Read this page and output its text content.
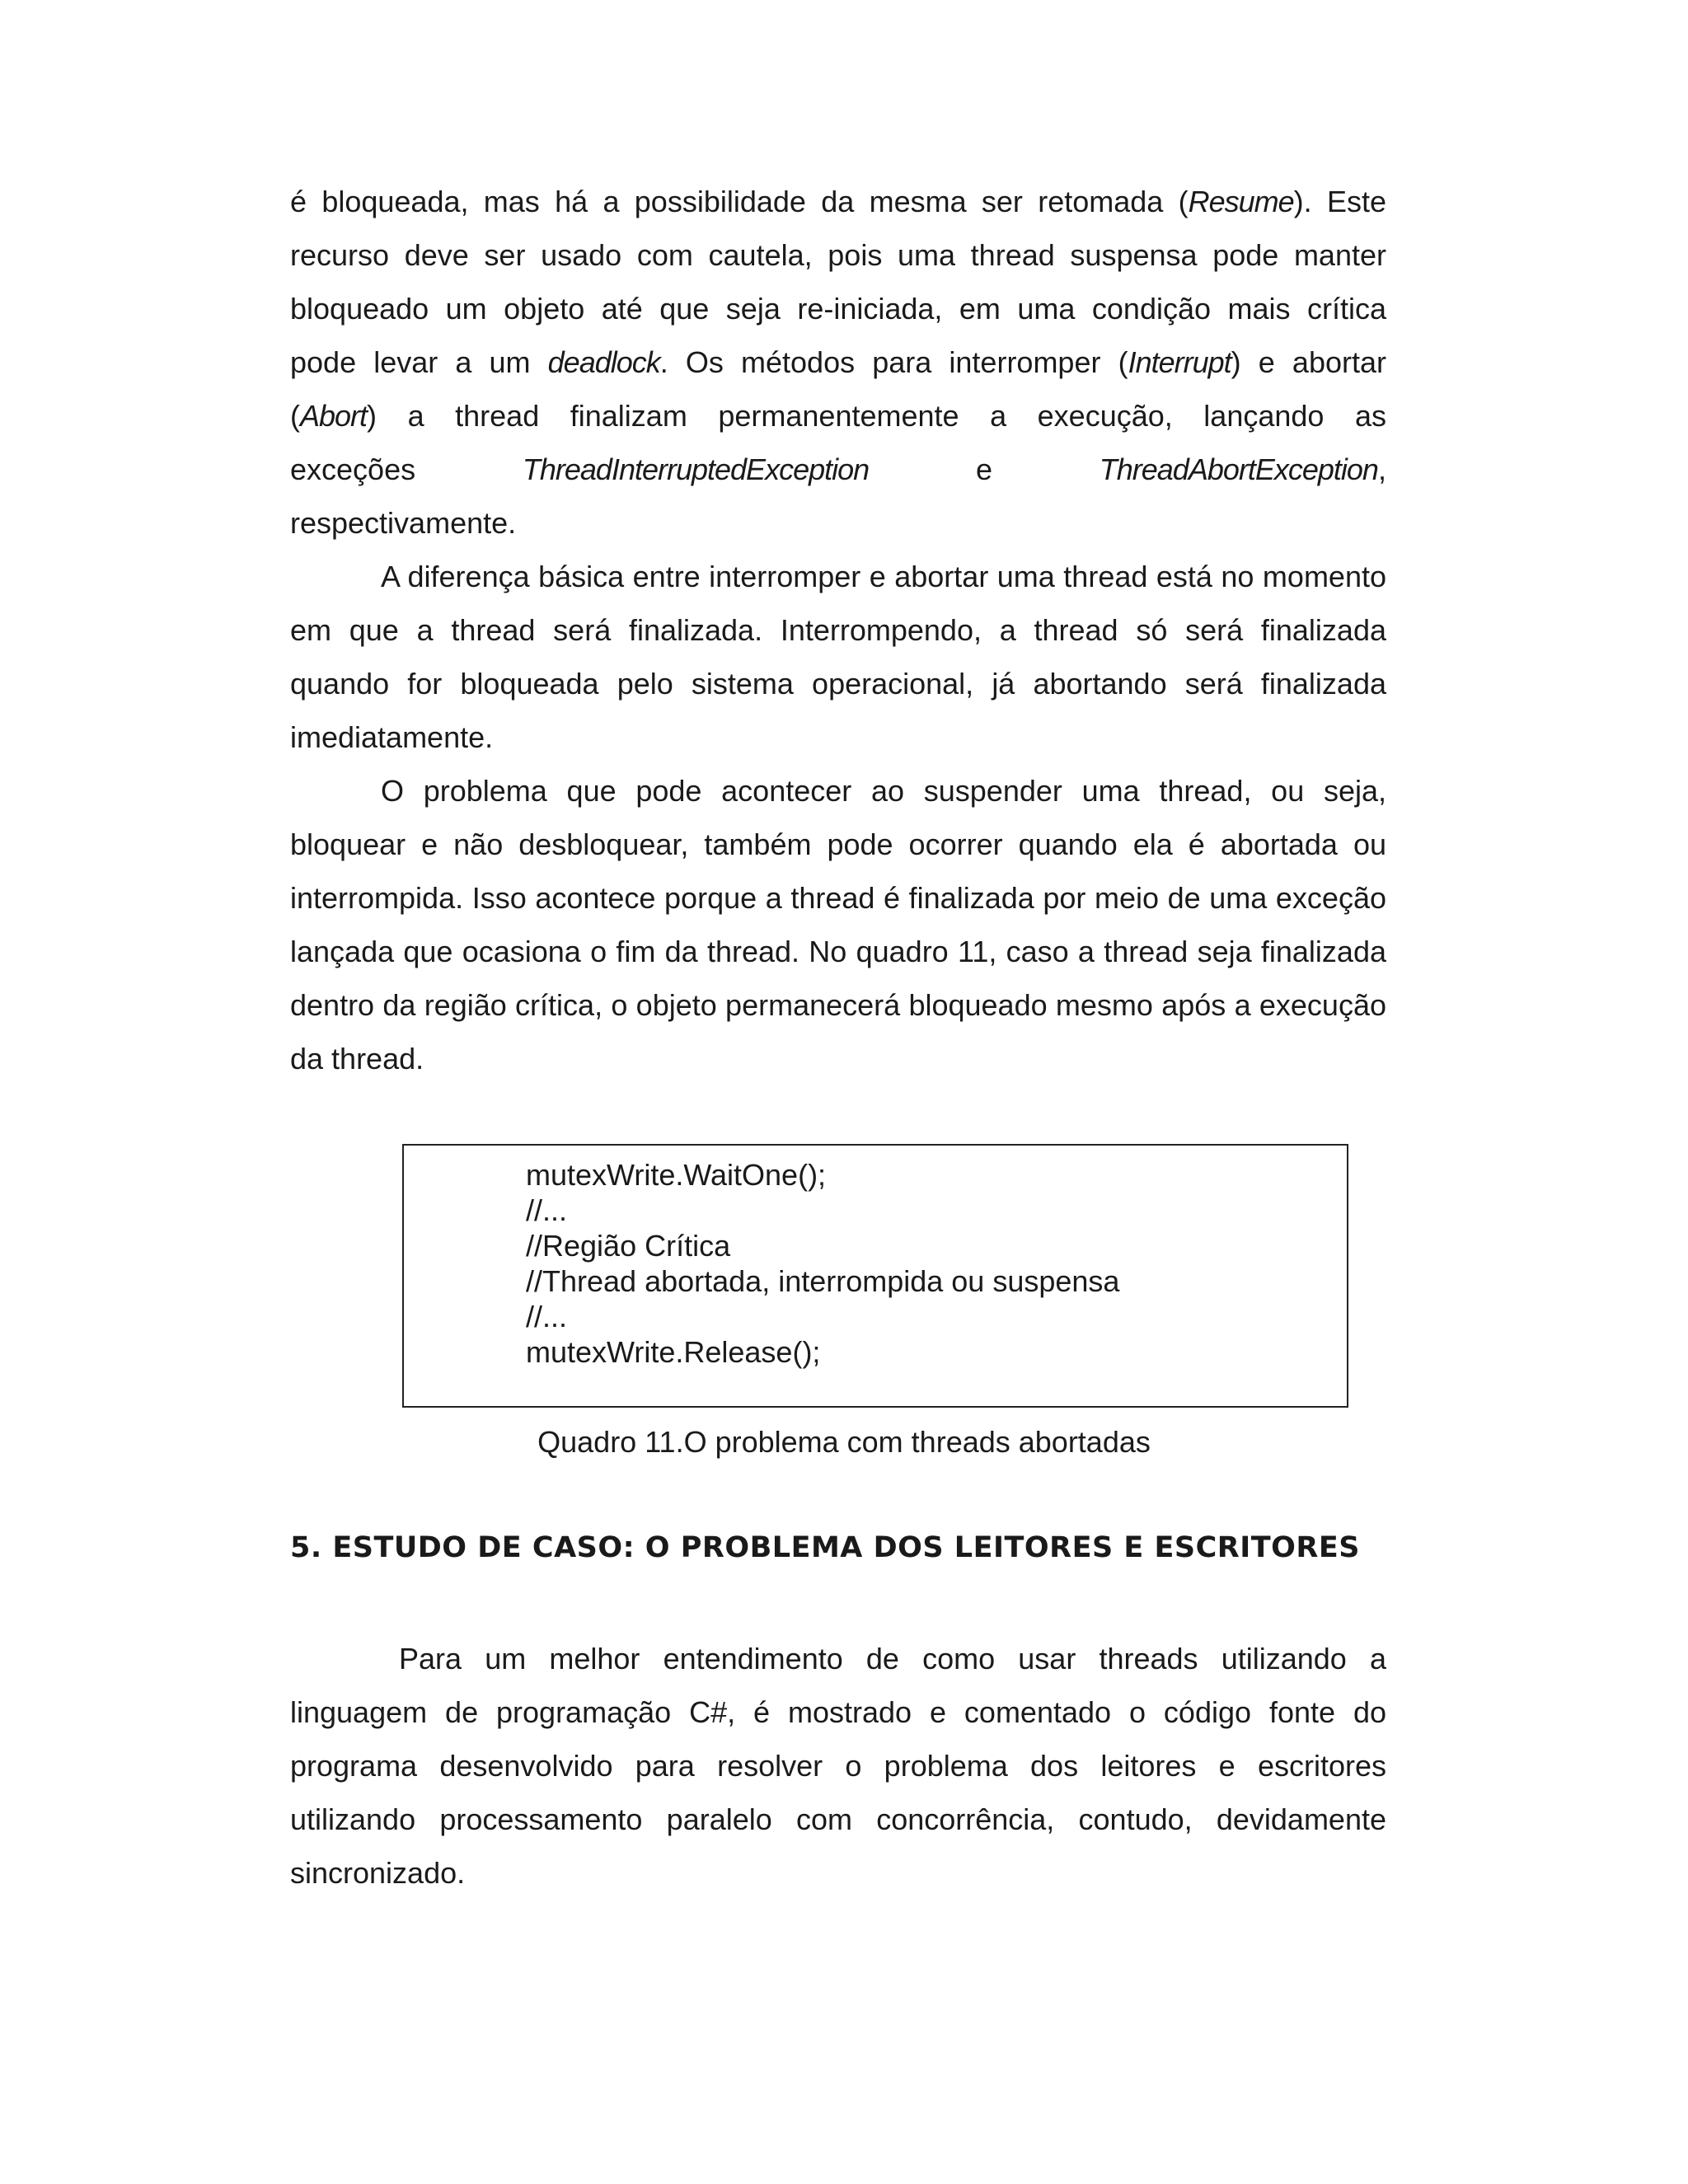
é bloqueada, mas há a possibilidade da mesma ser retomada (Resume). Este
recurso deve ser usado com cautela, pois uma thread suspensa pode manter
bloqueado um objeto até que seja re-iniciada, em uma condição mais crítica
pode levar a um deadlock. Os métodos para interromper (Interrupt) e abortar
(Abort) a thread finalizam permanentemente a execução, lançando as
exceções	ThreadInterruptedException	e	ThreadAbortException,
respectivamente.

A diferença básica entre interromper e abortar uma thread está no momento em que a thread será finalizada. Interrompendo, a thread só será finalizada quando for bloqueada pelo sistema operacional, já abortando será finalizada imediatamente.

O problema que pode acontecer ao suspender uma thread, ou seja, bloquear e não desbloquear, também pode ocorrer quando ela é abortada ou interrompida. Isso acontece porque a thread é finalizada por meio de uma exceção lançada que ocasiona o fim da thread. No quadro 11, caso a thread seja finalizada dentro da região crítica, o objeto permanecerá bloqueado mesmo após a execução da thread.

mutexWrite.WaitOne();
//...
//Região Crítica
//Thread abortada, interrompida ou suspensa
//...
mutexWrite.Release();
Quadro 11.O problema com threads abortadas
5. ESTUDO DE CASO: O PROBLEMA DOS LEITORES E ESCRITORES

Para um melhor entendimento de como usar threads utilizando a linguagem de programação C#, é mostrado e comentado o código fonte do programa desenvolvido para resolver o problema dos leitores e escritores utilizando processamento paralelo com concorrência, contudo, devidamente sincronizado.
